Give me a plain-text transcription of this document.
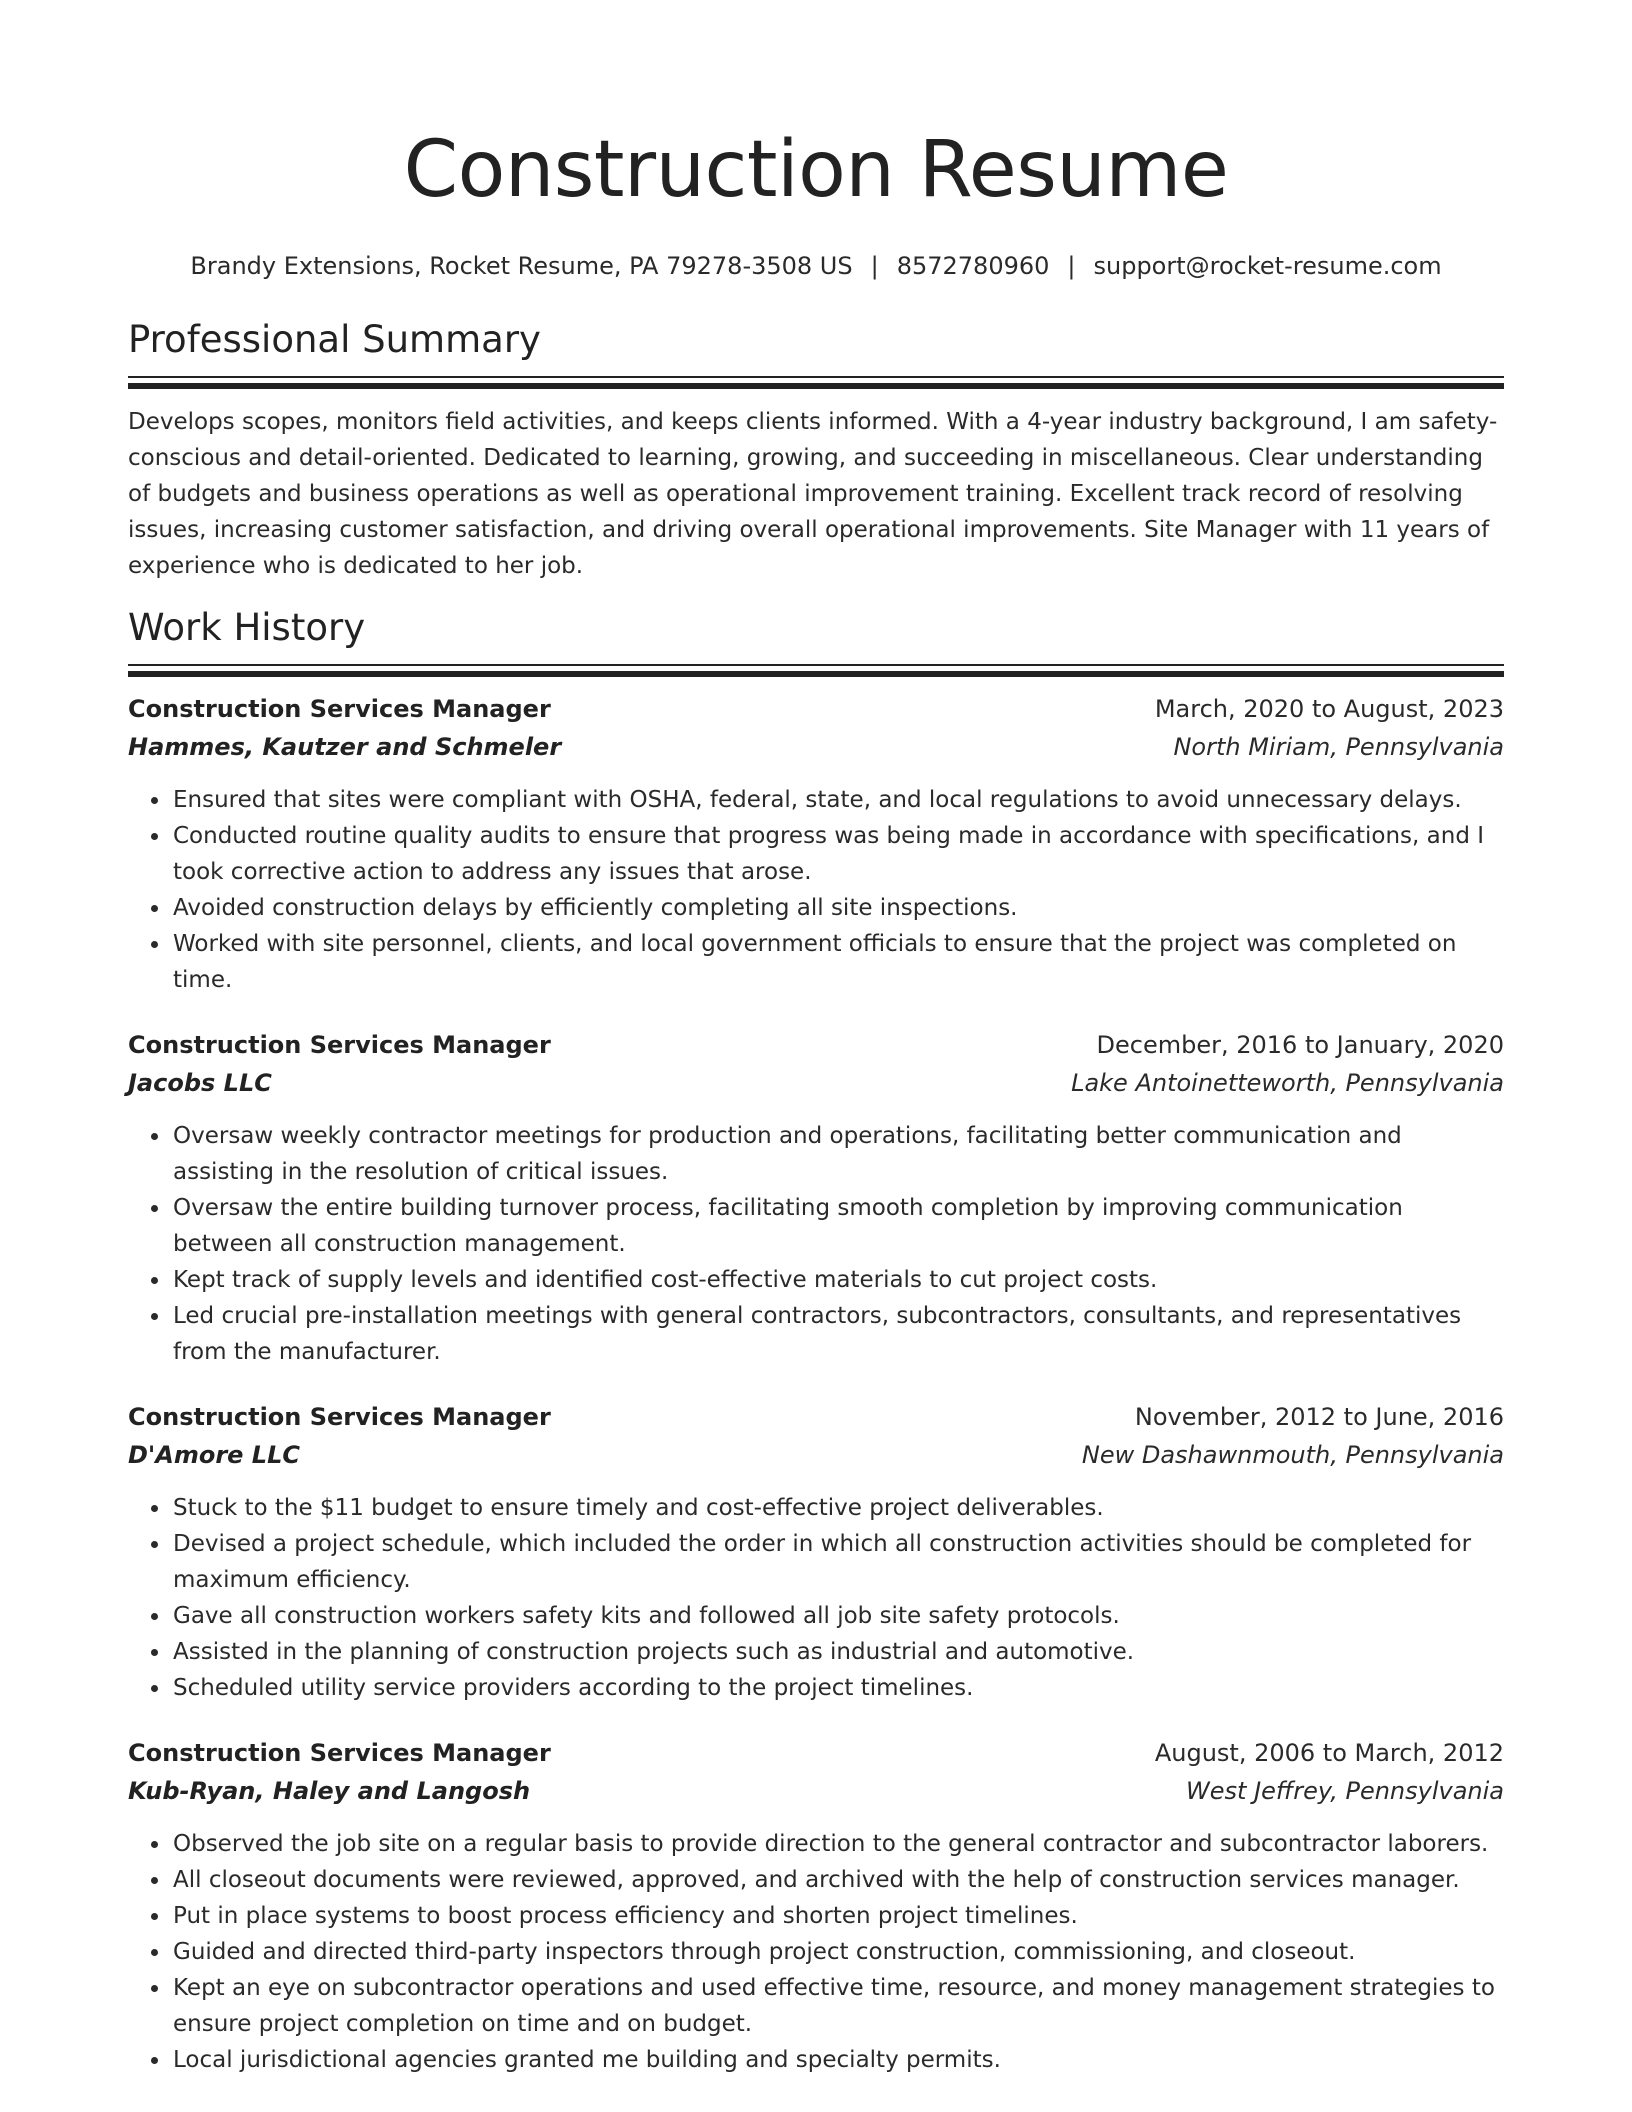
Construction Resume
Brandy Extensions, Rocket Resume, PA 79278-3508 US | 8572780960 | support@rocket-resume.com
Professional Summary

Develops scopes, monitors field activities, and keeps clients informed. With a 4-year industry background, I am safety-conscious and detail-oriented. Dedicated to learning, growing, and succeeding in miscellaneous. Clear understanding of budgets and business operations as well as operational improvement training. Excellent track record of resolving issues, increasing customer satisfaction, and driving overall operational improvements. Site Manager with 11 years of experience who is dedicated to her job.

Work History
Construction Services Manager	March, 2020 to August, 2023
Hammes, Kautzer and Schmeler	North Miriam, Pennsylvania
• Ensured that sites were compliant with OSHA, federal, state, and local regulations to avoid unnecessary delays.
• Conducted routine quality audits to ensure that progress was being made in accordance with specifications, and I took corrective action to address any issues that arose.
• Avoided construction delays by efficiently completing all site inspections.
• Worked with site personnel, clients, and local government officials to ensure that the project was completed on time.
Construction Services Manager	December, 2016 to January, 2020
Jacobs LLC	Lake Antoinetteworth, Pennsylvania
• Oversaw weekly contractor meetings for production and operations, facilitating better communication and assisting in the resolution of critical issues.
• Oversaw the entire building turnover process, facilitating smooth completion by improving communication between all construction management.
• Kept track of supply levels and identified cost-effective materials to cut project costs.
• Led crucial pre-installation meetings with general contractors, subcontractors, consultants, and representatives from the manufacturer.
Construction Services Manager	November, 2012 to June, 2016
D'Amore LLC	New Dashawnmouth, Pennsylvania
• Stuck to the $11 budget to ensure timely and cost-effective project deliverables.
• Devised a project schedule, which included the order in which all construction activities should be completed for maximum efficiency.
• Gave all construction workers safety kits and followed all job site safety protocols.
• Assisted in the planning of construction projects such as industrial and automotive.
• Scheduled utility service providers according to the project timelines.
Construction Services Manager	August, 2006 to March, 2012
Kub-Ryan, Haley and Langosh	West Jeffrey, Pennsylvania
• Observed the job site on a regular basis to provide direction to the general contractor and subcontractor laborers.
• All closeout documents were reviewed, approved, and archived with the help of construction services manager.
• Put in place systems to boost process efficiency and shorten project timelines.
• Guided and directed third-party inspectors through project construction, commissioning, and closeout.
• Kept an eye on subcontractor operations and used effective time, resource, and money management strategies to ensure project completion on time and on budget.
• Local jurisdictional agencies granted me building and specialty permits.
